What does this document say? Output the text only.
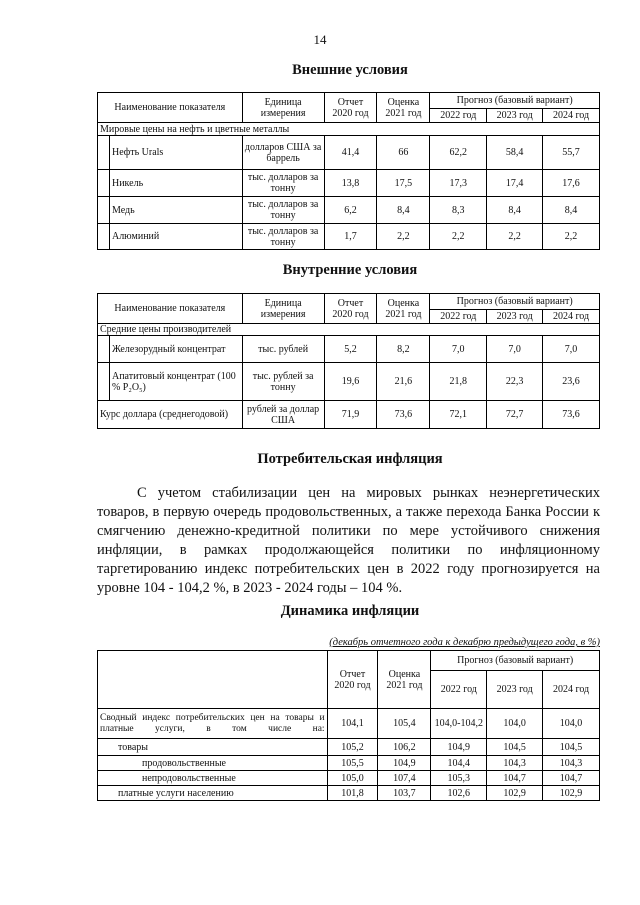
14
Внешние условия
Наименование показателя		Единица измерения	Отчет 2020 год	Оценка 2021 год	Прогноз (базовый вариант)		
					2022 год	2023 год	2024 год
Мировые цены на нефть и цветные металлы							
	Нефть Urals	долларов США за баррель	41,4	66	62,2	58,4	55,7
	Никель	тыс. долларов за тонну	13,8	17,5	17,3	17,4	17,6
	Медь	тыс. долларов за тонну	6,2	8,4	8,3	8,4	8,4
	Алюминий	тыс. долларов за тонну	1,7	2,2	2,2	2,2	2,2
Внутренние условия
Наименование показателя		Единица измерения	Отчет 2020 год	Оценка 2021 год	Прогноз (базовый вариант)		
					2022 год	2023 год	2024 год
Средние цены производителей							
	Железорудный концентрат	тыс. рублей	5,2	8,2	7,0	7,0	7,0
	Апатитовый концентрат (100 % P₂O₅)	тыс. рублей за тонну	19,6	21,6	21,8	22,3	23,6
Курс доллара (среднегодовой)		рублей за доллар США	71,9	73,6	72,1	72,7	73,6
Потребительская инфляция

С учетом стабилизации цен на мировых рынках неэнергетических товаров, в первую очередь продовольственных, а также перехода Банка России к смягчению денежно-кредитной политики по мере устойчивого снижения инфляции, в рамках продолжающейся политики по инфляционному таргетированию индекс потребительских цен в 2022 году прогнозируется на уровне 104 - 104,2 %, в 2023 - 2024 годы – 104 %.

Динамика инфляции
(декабрь отчетного года к декабрю предыдущего года, в %)
	Отчет 2020 год	Оценка 2021 год	Прогноз (базовый вариант)		
			2022 год	2023 год	2024 год
Сводный индекс потребительских цен на товары и платные услуги, в том числе на:	104,1	105,4	104,0-104,2	104,0	104,0
товары	105,2	106,2	104,9	104,5	104,5
продовольственные	105,5	104,9	104,4	104,3	104,3
непродовольственные	105,0	107,4	105,3	104,7	104,7
платные услуги населению	101,8	103,7	102,6	102,9	102,9
